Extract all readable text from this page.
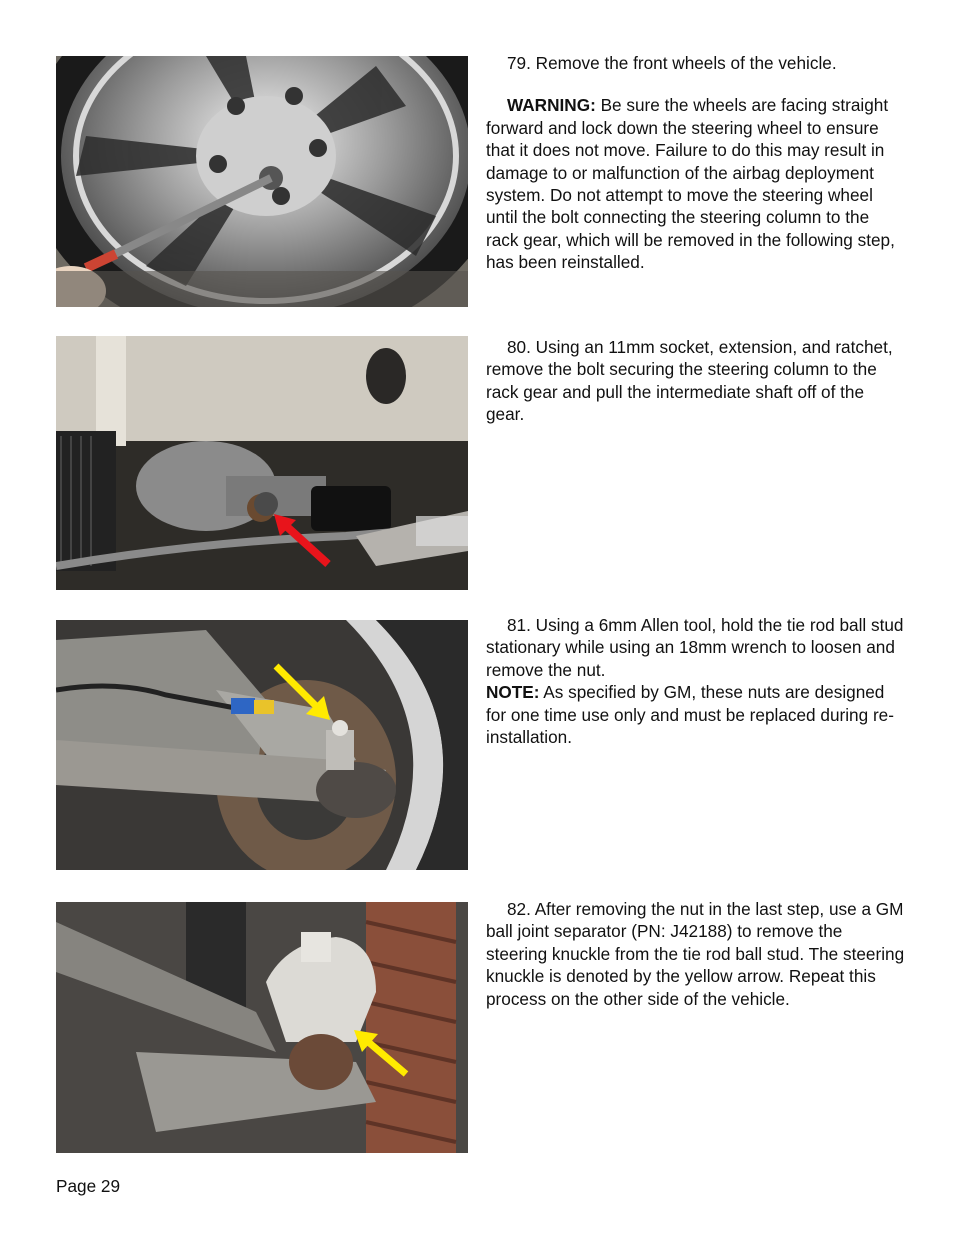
79. Remove the front wheels of the vehicle.

WARNING: Be sure the wheels are facing straight forward and lock down the steering wheel to ensure that it does not move. Failure to do this may result in damage to or malfunction of the airbag deployment system. Do not attempt to move the steering wheel until the bolt connecting the steering column to the rack gear, which will be removed in the following step, has been reinstalled.

80. Using an 11mm socket, extension, and ratchet, remove the bolt securing the steering column to the rack gear and pull the intermediate shaft off of the gear.

81. Using a 6mm Allen tool, hold the tie rod ball stud stationary while using an 18mm wrench to loosen and remove the nut.

NOTE: As specified by GM, these nuts are designed for one time use only and must be replaced during re-installation.

82. After removing the nut in the last step, use a GM ball joint separator (PN: J42188) to remove the steering knuckle from the tie rod ball stud. The steering knuckle is denoted by the yellow arrow. Repeat this process on the other side of the vehicle.

Page 29
